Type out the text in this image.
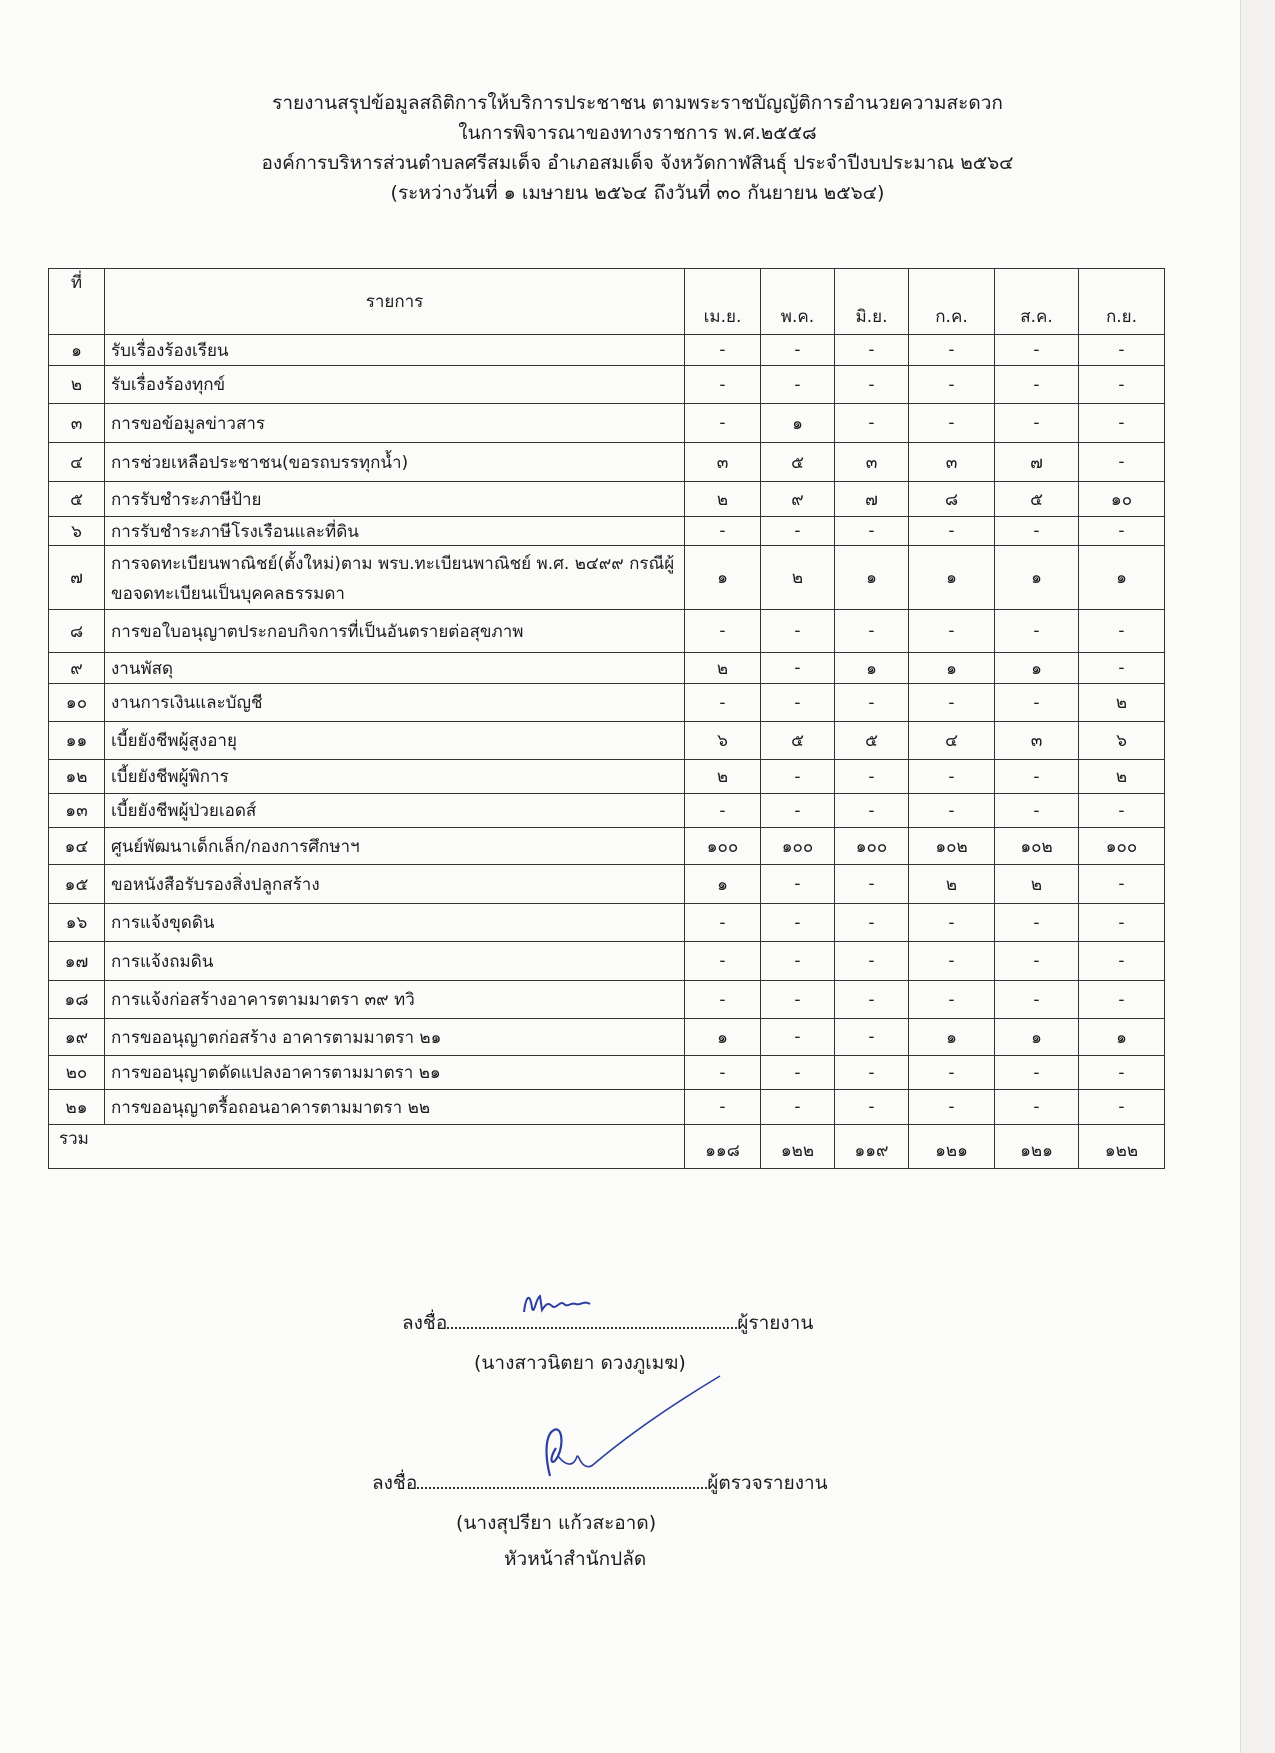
รายงานสรุปข้อมูลสถิติการให้บริการประชาชน ตามพระราชบัญญัติการอำนวยความสะดวก
ในการพิจารณาของทางราชการ พ.ศ.๒๕๕๘
องค์การบริหารส่วนตำบลศรีสมเด็จ อำเภอสมเด็จ จังหวัดกาฬสินธุ์ ประจำปีงบประมาณ ๒๕๖๔
(ระหว่างวันที่ ๑ เมษายน ๒๕๖๔ ถึงวันที่ ๓๐ กันยายน ๒๕๖๔)
ที่	รายการ	เม.ย.	พ.ค.	มิ.ย.	ก.ค.	ส.ค.	ก.ย.
๑	รับเรื่องร้องเรียน	-	-	-	-	-	-
๒	รับเรื่องร้องทุกข์	-	-	-	-	-	-
๓	การขอข้อมูลข่าวสาร	-	๑	-	-	-	-
๔	การช่วยเหลือประชาชน(ขอรถบรรทุกน้ำ)	๓	๕	๓	๓	๗	-
๕	การรับชำระภาษีป้าย	๒	๙	๗	๘	๕	๑๐
๖	การรับชำระภาษีโรงเรือนและที่ดิน	-	-	-	-	-	-
๗	การจดทะเบียนพาณิชย์(ตั้งใหม่)ตาม พรบ.ทะเบียนพาณิชย์ พ.ศ. ๒๔๙๙ กรณีผู้ขอจดทะเบียนเป็นบุคคลธรรมดา	๑	๒	๑	๑	๑	๑
๘	การขอใบอนุญาตประกอบกิจการที่เป็นอันตรายต่อสุขภาพ	-	-	-	-	-	-
๙	งานพัสดุ	๒	-	๑	๑	๑	-
๑๐	งานการเงินและบัญชี	-	-	-	-	-	๒
๑๑	เบี้ยยังชีพผู้สูงอายุ	๖	๕	๕	๔	๓	๖
๑๒	เบี้ยยังชีพผู้พิการ	๒	-	-	-	-	๒
๑๓	เบี้ยยังชีพผู้ป่วยเอดส์	-	-	-	-	-	-
๑๔	ศูนย์พัฒนาเด็กเล็ก/กองการศึกษาฯ	๑๐๐	๑๐๐	๑๐๐	๑๐๒	๑๐๒	๑๐๐
๑๕	ขอหนังสือรับรองสิ่งปลูกสร้าง	๑	-	-	๒	๒	-
๑๖	การแจ้งขุดดิน	-	-	-	-	-	-
๑๗	การแจ้งถมดิน	-	-	-	-	-	-
๑๘	การแจ้งก่อสร้างอาคารตามมาตรา ๓๙ ทวิ	-	-	-	-	-	-
๑๙	การขออนุญาตก่อสร้าง อาคารตามมาตรา ๒๑	๑	-	-	๑	๑	๑
๒๐	การขออนุญาตดัดแปลงอาคารตามมาตรา ๒๑	-	-	-	-	-	-
๒๑	การขออนุญาตรื้อถอนอาคารตามมาตรา ๒๒	-	-	-	-	-	-
รวม		๑๑๘	๑๒๒	๑๑๙	๑๒๑	๑๒๑	๑๒๒
ลงชื่อ	ผู้รายงาน
(นางสาวนิตยา ดวงภูเมฆ)
ลงชื่อ	ผู้ตรวจรายงาน
(นางสุปรียา แก้วสะอาด)
หัวหน้าสำนักปลัด
